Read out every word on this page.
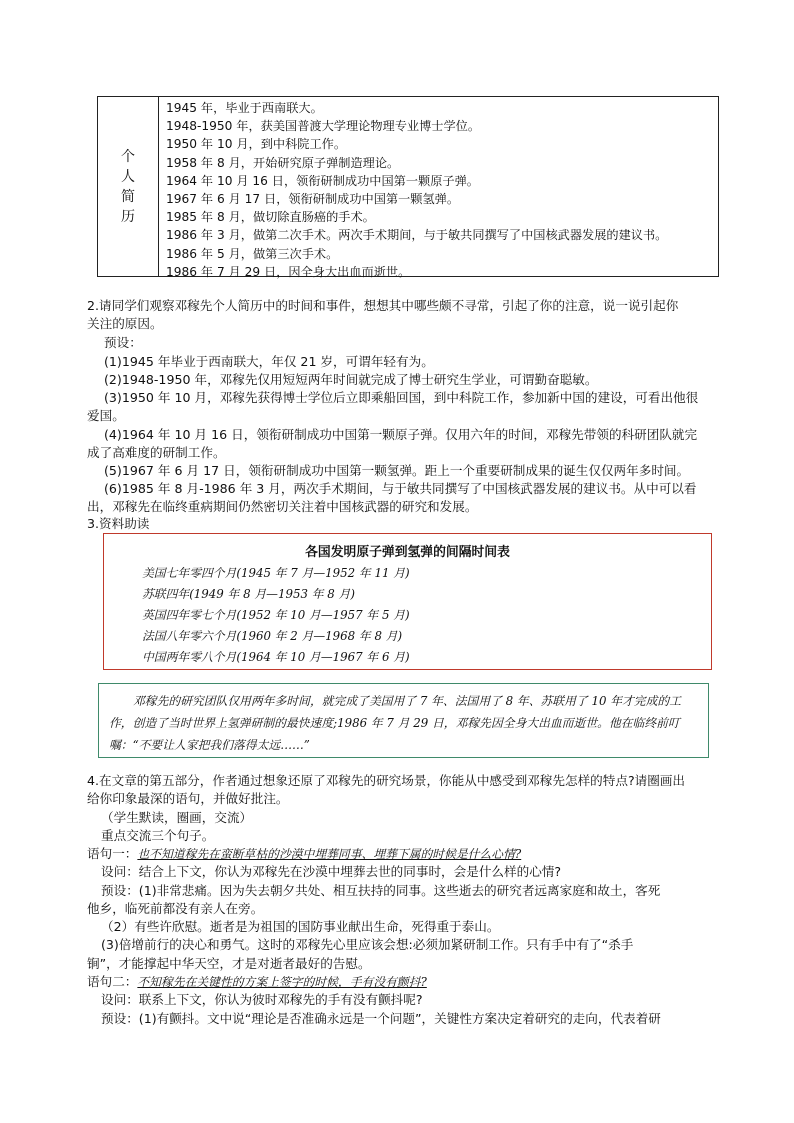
个
人
简
历
1945 年，毕业于西南联大。
1948-1950 年，获美国普渡大学理论物理专业博士学位。
1950 年 10 月，到中科院工作。
1958 年 8 月，开始研究原子弹制造理论。
1964 年 10 月 16 日，领衔研制成功中国第一颗原子弹。
1967 年 6 月 17 日，领衔研制成功中国第一颗氢弹。
1985 年 8 月，做切除直肠癌的手术。
1986 年 3 月，做第二次手术。两次手术期间，与于敏共同撰写了中国核武器发展的建议书。
1986 年 5 月，做第三次手术。
1986 年 7 月 29 日，因全身大出血而逝世。
2.请同学们观察邓稼先个人简历中的时间和事件，想想其中哪些颇不寻常，引起了你的注意，说一说引起你
关注的原因。
预设：
(1)1945 年毕业于西南联大，年仅 21 岁，可谓年轻有为。
(2)1948-1950 年，邓稼先仅用短短两年时间就完成了博士研究生学业，可谓勤奋聪敏。
(3)1950 年 10 月，邓稼先获得博士学位后立即乘船回国，到中科院工作，参加新中国的建设，可看出他很
爱国。
(4)1964 年 10 月 16 日，领衔研制成功中国第一颗原子弹。仅用六年的时间，邓稼先带领的科研团队就完
成了高难度的研制工作。
(5)1967 年 6 月 17 日，领衔研制成功中国第一颗氢弹。距上一个重要研制成果的诞生仅仅两年多时间。
(6)1985 年 8 月-1986 年 3 月，两次手术期间，与于敏共同撰写了中国核武器发展的建议书。从中可以看
出，邓稼先在临终重病期间仍然密切关注着中国核武器的研究和发展。
3.资料助读
各国发明原子弹到氢弹的间隔时间表
美国七年零四个月(1945 年 7 月—1952 年 11 月)
苏联四年(1949 年 8 月—1953 年 8 月)
英国四年零七个月(1952 年 10 月—1957 年 5 月)
法国八年零六个月(1960 年 2 月—1968 年 8 月)
中国两年零八个月(1964 年 10 月—1967 年 6 月)

邓稼先的研究团队仅用两年多时间，就完成了美国用了 7 年、法国用了 8 年、苏联用了 10 年才完成的工作，创造了当时世界上氢弹研制的最快速度;1986 年 7 月 29 日，邓稼先因全身大出血而逝世。他在临终前叮嘱：“不要让人家把我们落得太远……”

4.在文章的第五部分，作者通过想象还原了邓稼先的研究场景，你能从中感受到邓稼先怎样的特点?请圈画出
给你印象最深的语句，并做好批注。
（学生默读，圈画，交流）
重点交流三个句子。
语句一：也不知道稼先在蛮断草枯的沙漠中埋葬同事、埋葬下属的时候是什么心情?
设问：结合上下文，你认为邓稼先在沙漠中埋葬去世的同事时，会是什么样的心情?
预设：(1)非常悲痛。因为失去朝夕共处、相互扶持的同事。这些逝去的研究者远离家庭和故土，客死
他乡，临死前都没有亲人在旁。
（2）有些许欣慰。逝者是为祖国的国防事业献出生命，死得重于泰山。
(3)倍增前行的决心和勇气。这时的邓稼先心里应该会想:必须加紧研制工作。只有手中有了“杀手
锏”，才能撑起中华天空，才是对逝者最好的告慰。
语句二：不知稼先在关键性的方案上签字的时候，手有没有颤抖?
设问：联系上下文，你认为彼时邓稼先的手有没有颤抖呢?
预设：(1)有颤抖。文中说“理论是否准确永远是一个问题”，关键性方案决定着研究的走向，代表着研
